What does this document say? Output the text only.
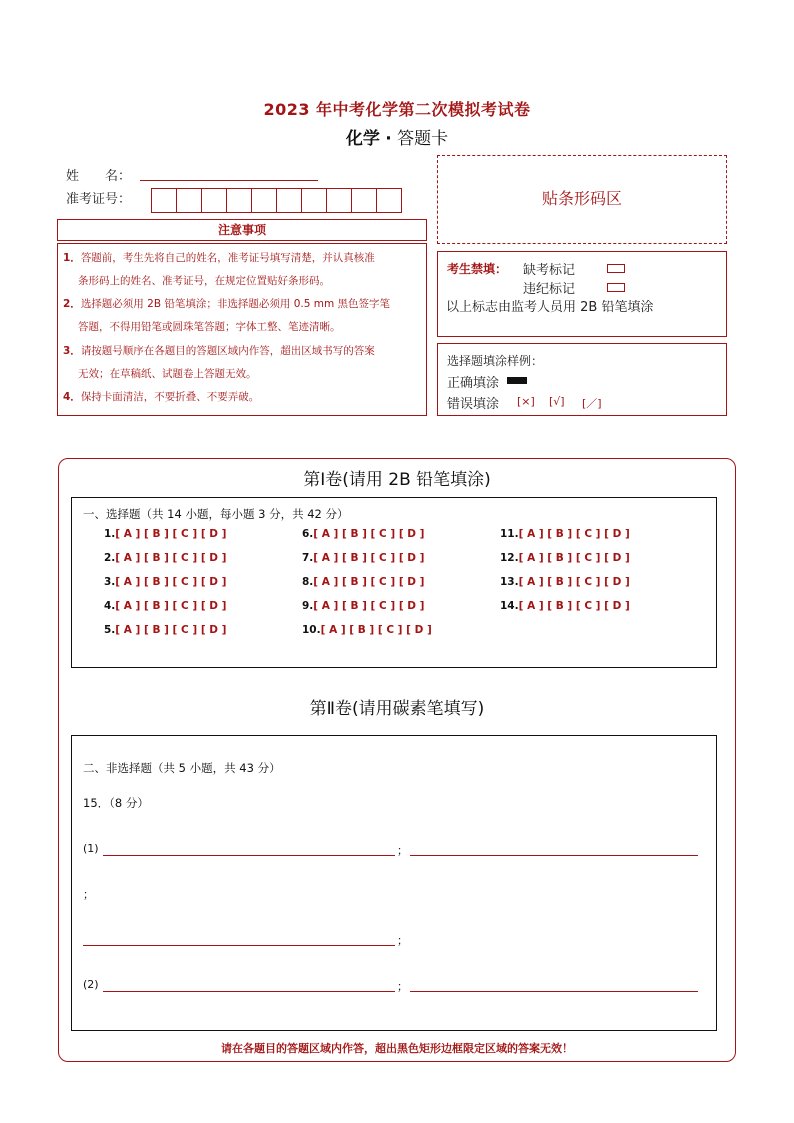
2023 年中考化学第二次模拟考试卷
化学 · 答题卡
姓　　名：
准考证号：	贴条形码区
注意事项
1．答题前，考生先将自己的姓名，准考证号填写清楚，并认真核准
条形码上的姓名、准考证号，在规定位置贴好条形码。
2．选择题必须用 2B 铅笔填涂；非选择题必须用 0.5 mm 黑色签字笔
答题，不得用铅笔或圆珠笔答题；字体工整、笔迹清晰。
3．请按题号顺序在各题目的答题区域内作答，超出区域书写的答案
无效；在草稿纸、试题卷上答题无效。
4．保持卡面清洁，不要折叠、不要弄破。
考生禁填： 缺考标记
违纪标记
以上标志由监考人员用 2B 铅笔填涂
选择题填涂样例：
正确填涂
错误填涂 [×] [√] [／]
第Ⅰ卷(请用 2B 铅笔填涂)
一、选择题（共 14 小题，每小题 3 分，共 42 分）
1.[ A ] [ B ] [ C ] [ D ]
2.[ A ] [ B ] [ C ] [ D ]
3.[ A ] [ B ] [ C ] [ D ]
4.[ A ] [ B ] [ C ] [ D ]
5.[ A ] [ B ] [ C ] [ D ]
6.[ A ] [ B ] [ C ] [ D ]
7.[ A ] [ B ] [ C ] [ D ]
8.[ A ] [ B ] [ C ] [ D ]
9.[ A ] [ B ] [ C ] [ D ]
10.[ A ] [ B ] [ C ] [ D ]
11.[ A ] [ B ] [ C ] [ D ]
12.[ A ] [ B ] [ C ] [ D ]
13.[ A ] [ B ] [ C ] [ D ]
14.[ A ] [ B ] [ C ] [ D ]
第Ⅱ卷(请用碳素笔填写)
二、非选择题（共 5 小题，共 43 分）
15．（8 分）
(1)	；
；
；
(2)	；
请在各题目的答题区域内作答，超出黑色矩形边框限定区域的答案无效！
